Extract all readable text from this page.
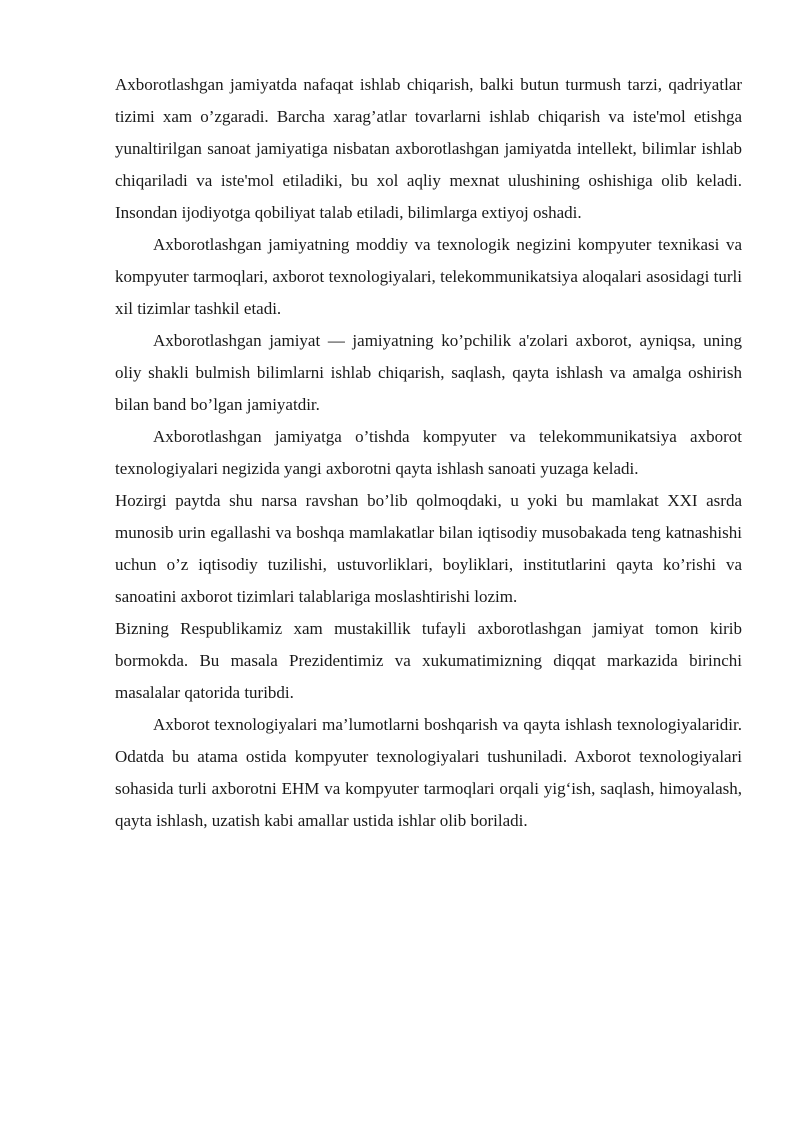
Axborotlashgan jamiyatda nafaqat ishlab chiqarish, balki butun turmush tarzi, qadriyatlar tizimi xam o’zgaradi. Barcha xarag’atlar tovarlarni ishlab chiqarish va iste'mol etishga yunaltirilgan sanoat jamiyatiga nisbatan axborotlashgan jamiyatda intellekt, bilimlar ishlab chiqariladi va iste'mol etiladiki, bu xol aqliy mexnat ulushining oshishiga olib keladi. Insondan ijodiyotga qobiliyat talab etiladi, bilimlarga extiyoj oshadi.

Axborotlashgan jamiyatning moddiy va texnologik negizini kompyuter texnikasi va kompyuter tarmoqlari, axborot texnologiyalari, telekommunikatsiya aloqalari asosidagi turli xil tizimlar tashkil etadi.

Axborotlashgan jamiyat — jamiyatning ko’pchilik a'zolari axborot, ayniqsa, uning oliy shakli bulmish bilimlarni ishlab chiqarish, saqlash, qayta ishlash va amalga oshirish bilan band bo’lgan jamiyatdir.

Axborotlashgan jamiyatga o’tishda kompyuter va telekommunikatsiya axborot texnologiyalari negizida yangi axborotni qayta ishlash sanoati yuzaga keladi.

Hozirgi paytda shu narsa ravshan bo’lib qolmoqdaki, u yoki bu mamlakat XXI asrda munosib urin egallashi va boshqa mamlakatlar bilan iqtisodiy musobakada teng katnashishi uchun o’z iqtisodiy tuzilishi, ustuvorliklari, boyliklari, institutlarini qayta ko’rishi va sanoatini axborot tizimlari talablariga moslashtirishi lozim.

Bizning Respublikamiz xam mustakillik tufayli axborotlashgan jamiyat tomon kirib bormokda. Bu masala Prezidentimiz va xukumatimizning diqqat markazida birinchi masalalar qatorida turibdi.

Axborot texnologiyalari ma’lumotlarni boshqarish va qayta ishlash texnologiyalaridir. Odatda bu atama ostida kompyuter texnologiyalari tushuniladi. Axborot texnologiyalari sohasida turli axborotni EHM va kompyuter tarmoqlari orqali yig‘ish, saqlash, himoyalash, qayta ishlash, uzatish kabi amallar ustida ishlar olib boriladi.
